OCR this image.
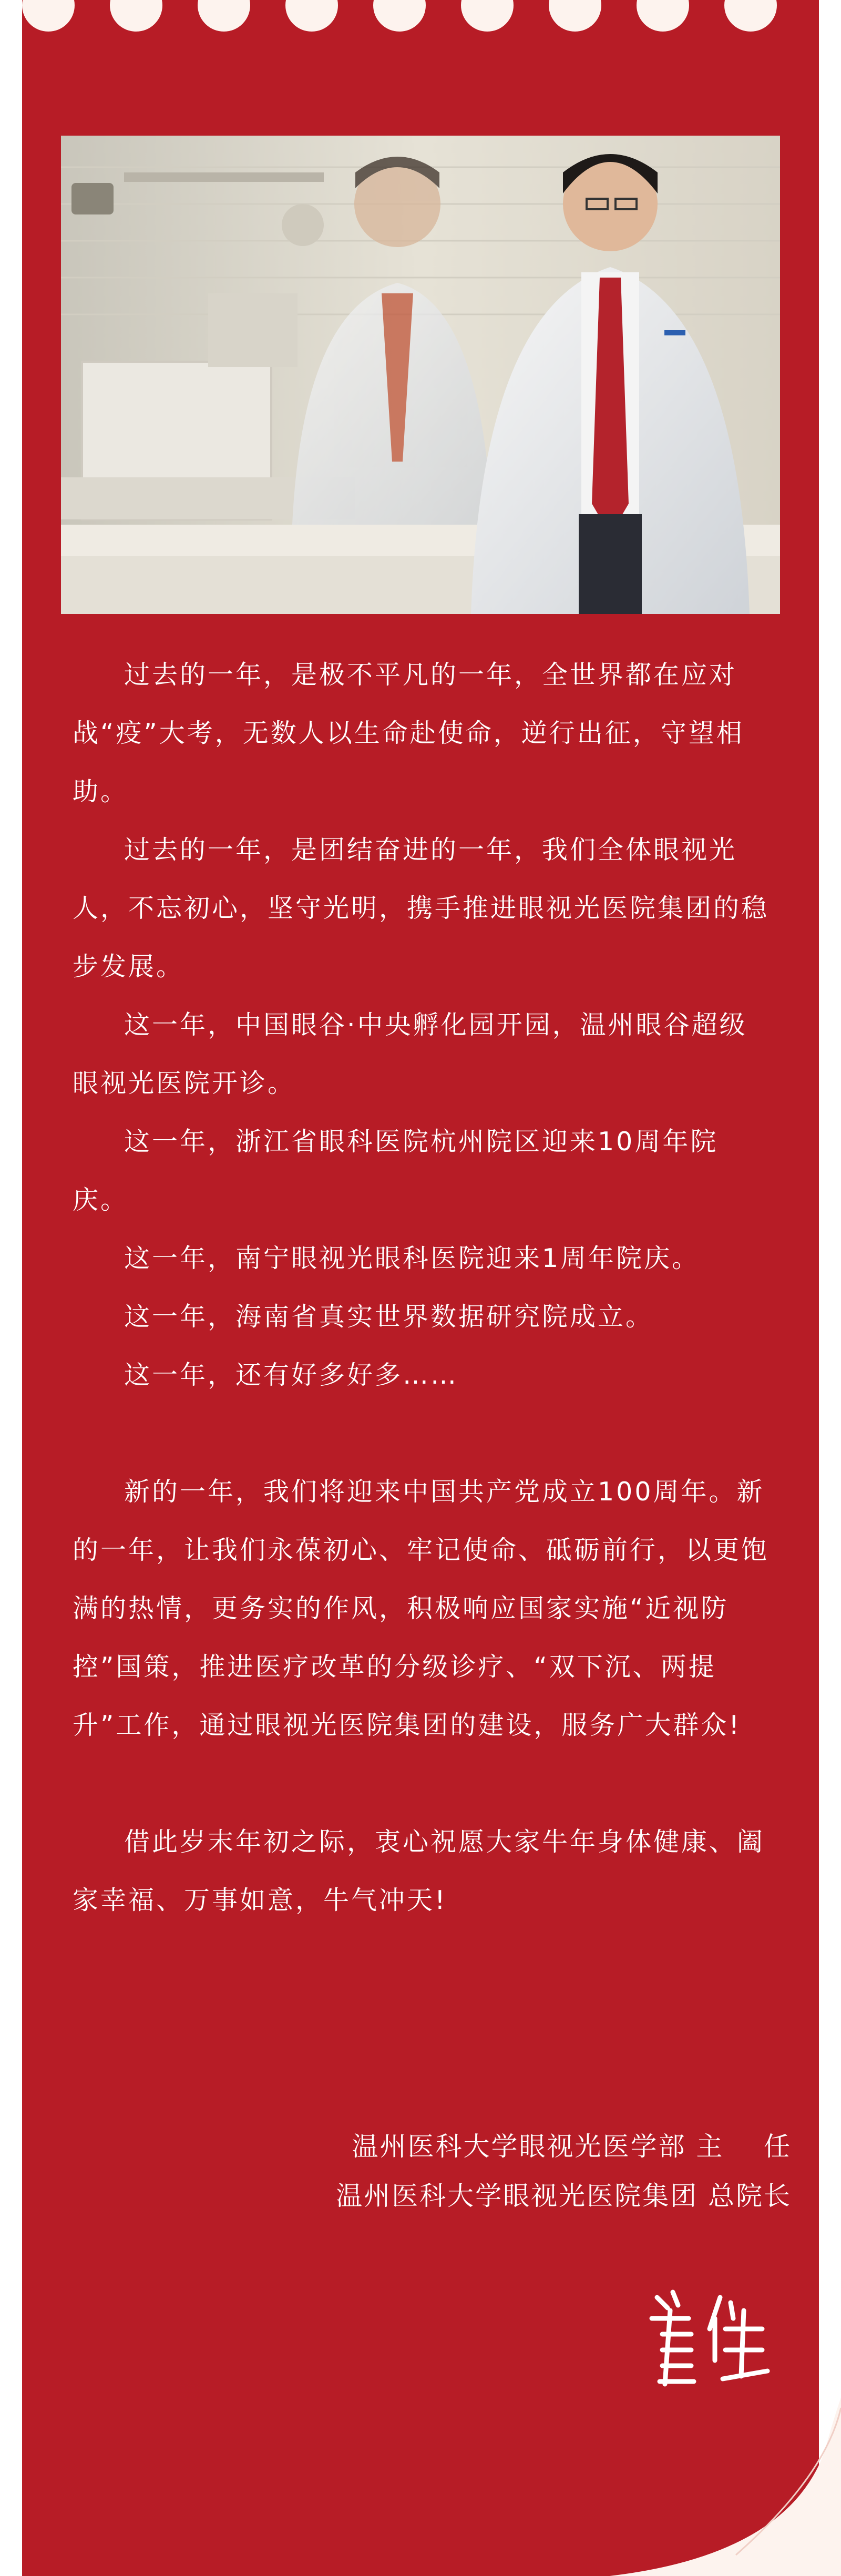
过去的一年，是极不平凡的一年，全世界都在应对战“疫”大考，无数人以生命赴使命，逆行出征，守望相助。

过去的一年，是团结奋进的一年，我们全体眼视光人，不忘初心，坚守光明，携手推进眼视光医院集团的稳步发展。

这一年，中国眼谷·中央孵化园开园，温州眼谷超级眼视光医院开诊。

这一年，浙江省眼科医院杭州院区迎来10周年院庆。

这一年，南宁眼视光眼科医院迎来1周年院庆。

这一年，海南省真实世界数据研究院成立。

这一年，还有好多好多……

新的一年，我们将迎来中国共产党成立100周年。新的一年，让我们永葆初心、牢记使命、砥砺前行，以更饱满的热情，更务实的作风，积极响应国家实施“近视防控”国策，推进医疗改革的分级诊疗、“双下沉、两提升”工作，通过眼视光医院集团的建设，服务广大群众!

借此岁末年初之际，衷心祝愿大家牛年身体健康、阖家幸福、万事如意，牛气冲天!

温州医科大学眼视光医学部 主    任
温州医科大学眼视光医院集团 总院长
